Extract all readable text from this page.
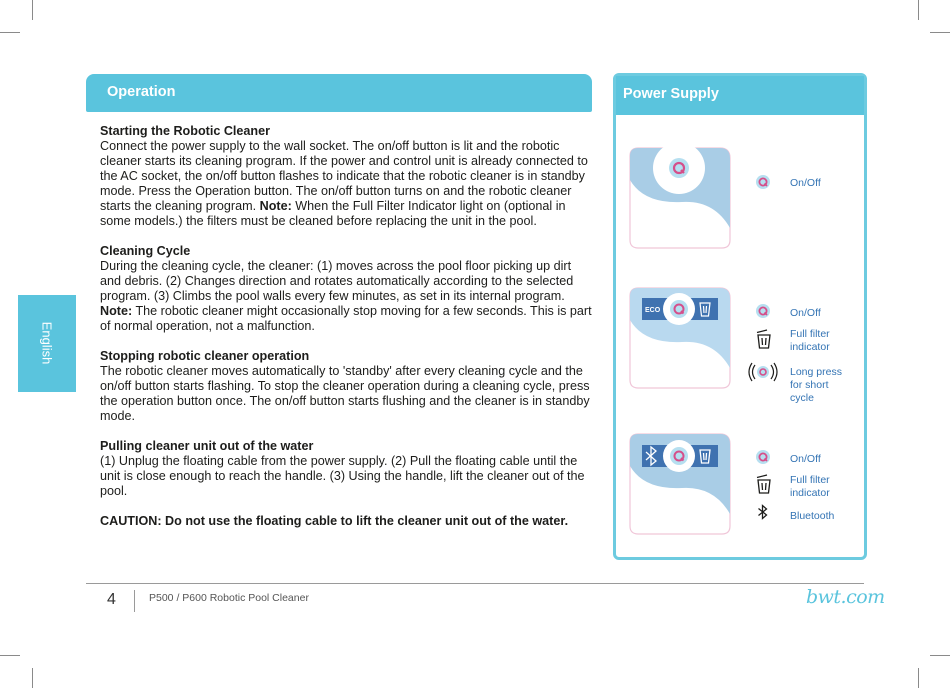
English
Operation

Starting the Robotic Cleaner
Connect the power supply to the wall socket. The on/off button is lit and the robotic cleaner starts its cleaning program. If the power and control unit is already connected to the AC socket, the on/off button flashes to indicate that the robotic cleaner is in standby mode. Press the Operation button. The on/off button turns on and the robotic cleaner starts the cleaning program. Note: When the Full Filter Indicator light on (optional in some models.) the filters must be cleaned before replacing the unit in the pool.

Cleaning Cycle
During the cleaning cycle, the cleaner: (1) moves across the pool floor picking up dirt and debris. (2) Changes direction and rotates automatically according to the selected program. (3) Climbs the pool walls every few minutes, as set in its internal program.
Note: The robotic cleaner might occasionally stop moving for a few seconds. This is part of normal operation, not a malfunction.

Stopping robotic cleaner operation
The robotic cleaner moves automatically to 'standby' after every cleaning cycle and the on/off button starts flashing. To stop the cleaner operation during a cleaning cycle, press the operation button once. The on/off button starts flushing and the cleaner is in standby mode.

Pulling cleaner unit out of the water
(1) Unplug the floating cable from the power supply. (2) Pull the floating cable until the unit is close enough to reach the handle. (3) Using the handle, lift the cleaner out of the pool.

CAUTION: Do not use the floating cable to lift the cleaner unit out of the water.

Power Supply
On/Off
ECO	On/Off
Full filter indicator
Long press for short cycle
On/Off
Full filter indicator
Bluetooth
4	P500 / P600 Robotic Pool Cleaner	bwt.com
